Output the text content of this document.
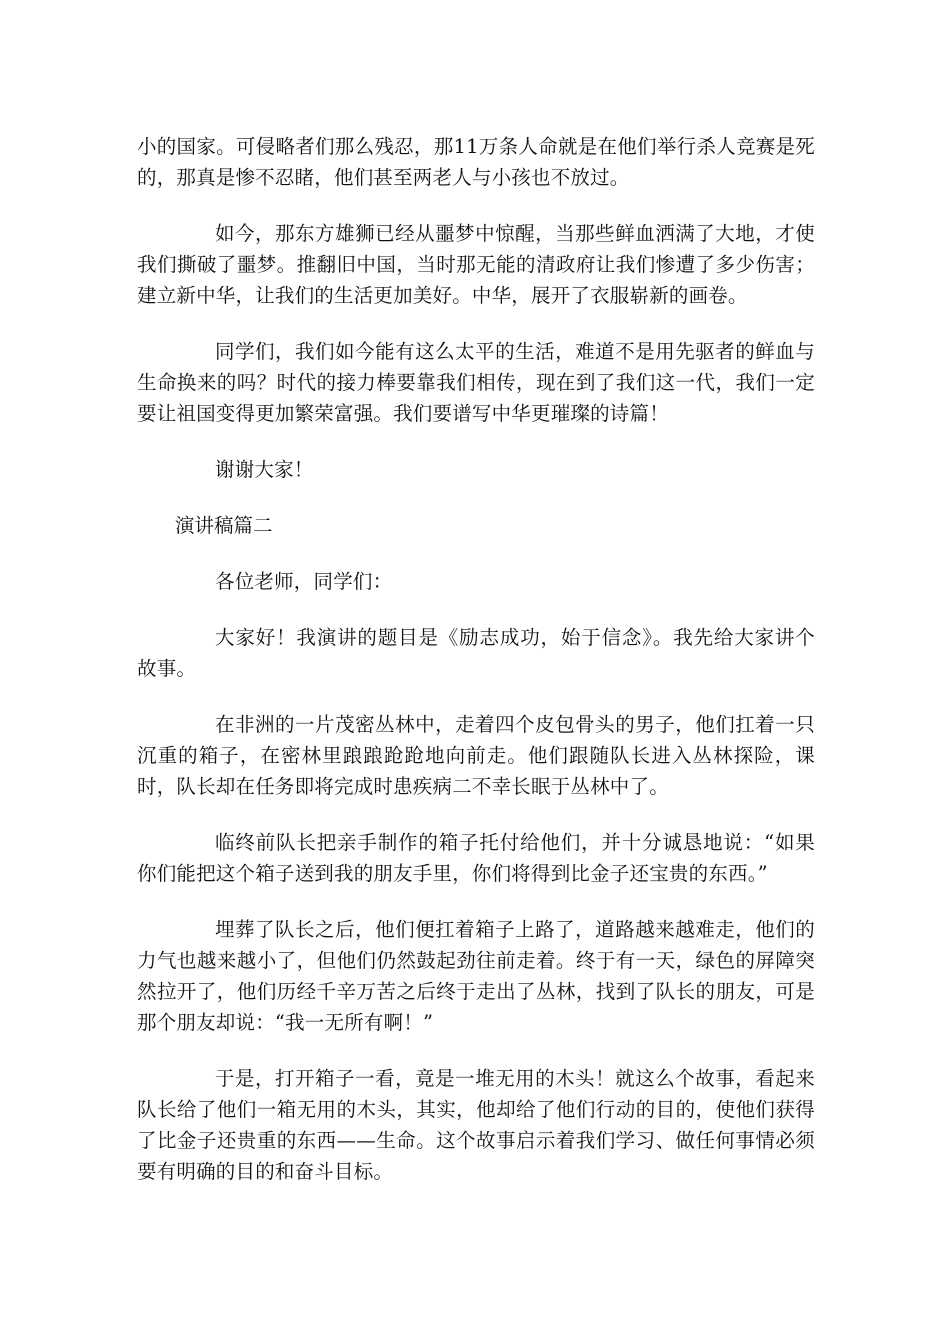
小的国家。可侵略者们那么残忍，那11万条人命就是在他们举行杀人竞赛是死的，那真是惨不忍睹，他们甚至两老人与小孩也不放过。

如今，那东方雄狮已经从噩梦中惊醒，当那些鲜血洒满了大地，才使我们撕破了噩梦。推翻旧中国，当时那无能的清政府让我们惨遭了多少伤害；建立新中华，让我们的生活更加美好。中华，展开了衣服崭新的画卷。

同学们，我们如今能有这么太平的生活，难道不是用先驱者的鲜血与生命换来的吗？时代的接力棒要靠我们相传，现在到了我们这一代，我们一定要让祖国变得更加繁荣富强。我们要谱写中华更璀璨的诗篇！

谢谢大家！

演讲稿篇二

各位老师，同学们：

大家好！我演讲的题目是《励志成功，始于信念》。我先给大家讲个故事。

在非洲的一片茂密丛林中，走着四个皮包骨头的男子，他们扛着一只沉重的箱子，在密林里踉踉跄跄地向前走。他们跟随队长进入丛林探险，课时，队长却在任务即将完成时患疾病二不幸长眠于丛林中了。

临终前队长把亲手制作的箱子托付给他们，并十分诚恳地说：“如果你们能把这个箱子送到我的朋友手里，你们将得到比金子还宝贵的东西。”

埋葬了队长之后，他们便扛着箱子上路了，道路越来越难走，他们的力气也越来越小了，但他们仍然鼓起劲往前走着。终于有一天，绿色的屏障突然拉开了，他们历经千辛万苦之后终于走出了丛林，找到了队长的朋友，可是那个朋友却说：“我一无所有啊！”

于是，打开箱子一看，竟是一堆无用的木头！就这么个故事，看起来队长给了他们一箱无用的木头，其实，他却给了他们行动的目的，使他们获得了比金子还贵重的东西——生命。这个故事启示着我们学习、做任何事情必须要有明确的目的和奋斗目标。
